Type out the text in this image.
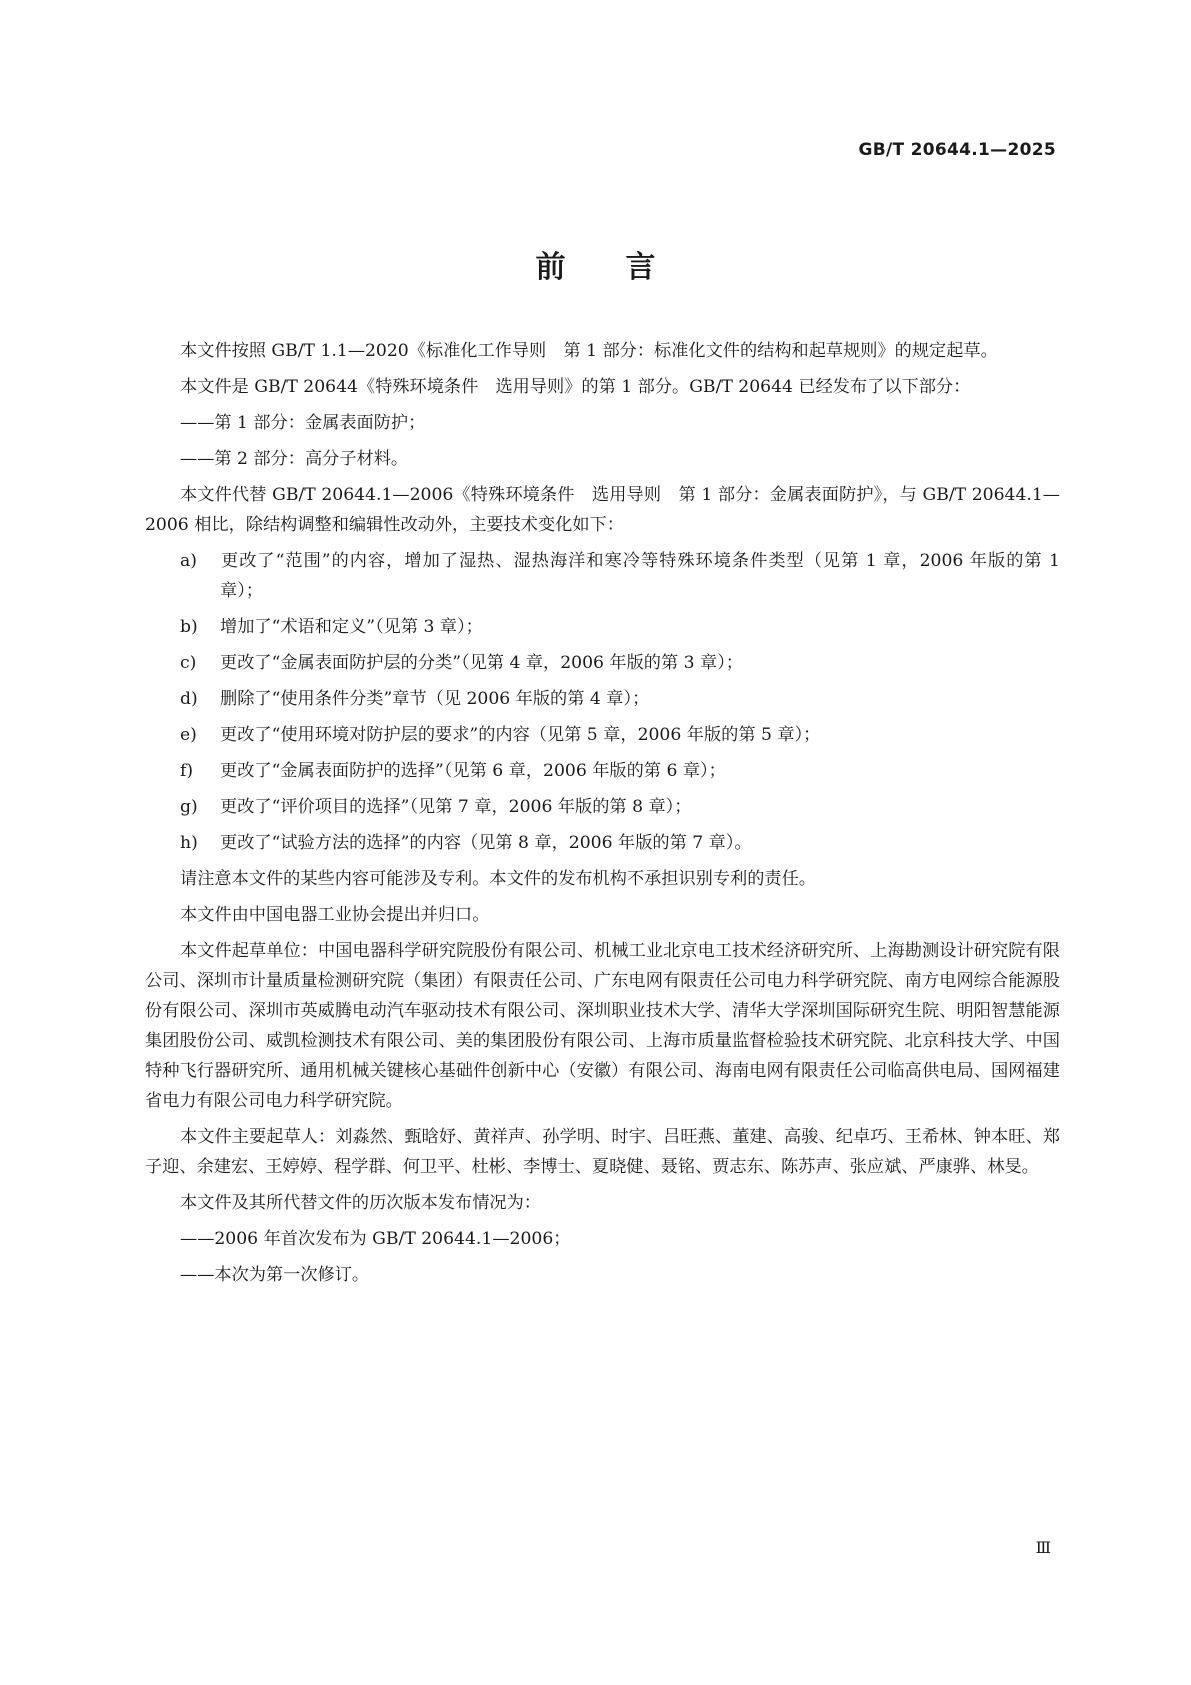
GB/T 20644.1—2025
前言

本文件按照 GB/T 1.1—2020《标准化工作导则　第 1 部分：标准化文件的结构和起草规则》的规定起草。

本文件是 GB/T 20644《特殊环境条件　选用导则》的第 1 部分。GB/T 20644 已经发布了以下部分：

——第 1 部分：金属表面防护；

——第 2 部分：高分子材料。

本文件代替 GB/T 20644.1—2006《特殊环境条件　选用导则　第 1 部分：金属表面防护》，与 GB/T 20644.1—2006 相比，除结构调整和编辑性改动外，主要技术变化如下：

a) 更改了“范围”的内容，增加了湿热、湿热海洋和寒冷等特殊环境条件类型（见第 1 章，2006 年版的第 1 章）；
b) 增加了“术语和定义”（见第 3 章）；
c) 更改了“金属表面防护层的分类”（见第 4 章，2006 年版的第 3 章）；
d) 删除了“使用条件分类”章节（见 2006 年版的第 4 章）；
e) 更改了“使用环境对防护层的要求”的内容（见第 5 章，2006 年版的第 5 章）；
f) 更改了“金属表面防护的选择”（见第 6 章，2006 年版的第 6 章）；
g) 更改了“评价项目的选择”（见第 7 章，2006 年版的第 8 章）；
h) 更改了“试验方法的选择”的内容（见第 8 章，2006 年版的第 7 章）。

请注意本文件的某些内容可能涉及专利。本文件的发布机构不承担识别专利的责任。

本文件由中国电器工业协会提出并归口。

本文件起草单位：中国电器科学研究院股份有限公司、机械工业北京电工技术经济研究所、上海勘测设计研究院有限公司、深圳市计量质量检测研究院（集团）有限责任公司、广东电网有限责任公司电力科学研究院、南方电网综合能源股份有限公司、深圳市英威腾电动汽车驱动技术有限公司、深圳职业技术大学、清华大学深圳国际研究生院、明阳智慧能源集团股份公司、威凯检测技术有限公司、美的集团股份有限公司、上海市质量监督检验技术研究院、北京科技大学、中国特种飞行器研究所、通用机械关键核心基础件创新中心（安徽）有限公司、海南电网有限责任公司临高供电局、国网福建省电力有限公司电力科学研究院。

本文件主要起草人：刘淼然、甄晗妤、黄祥声、孙学明、时宇、吕旺燕、董建、高骏、纪卓巧、王希林、钟本旺、郑子迎、余建宏、王婷婷、程学群、何卫平、杜彬、李博士、夏晓健、聂铭、贾志东、陈苏声、张应斌、严康骅、林旻。

本文件及其所代替文件的历次版本发布情况为：

——2006 年首次发布为 GB/T 20644.1—2006；

——本次为第一次修订。

Ⅲ
